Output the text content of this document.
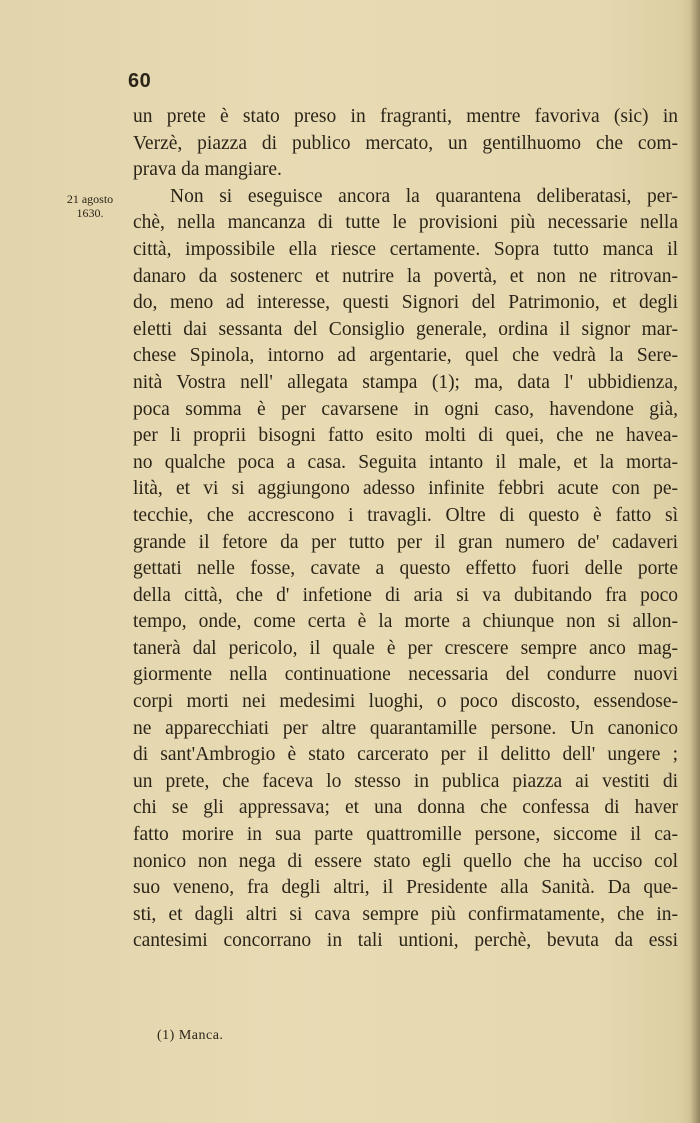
60
21 agosto
1630.
un prete è stato preso in fragranti, mentre favoriva (sic) in
Verzè, piazza di publico mercato, un gentilhuomo che com-
prava da mangiare.
Non si eseguisce ancora la quarantena deliberatasi, per-
chè, nella mancanza di tutte le provisioni più necessarie nella
città, impossibile ella riesce certamente. Sopra tutto manca il
danaro da sostenerc et nutrire la povertà, et non ne ritrovan-
do, meno ad interesse, questi Signori del Patrimonio, et degli
eletti dai sessanta del Consiglio generale, ordina il signor mar-
chese Spinola, intorno ad argentarie, quel che vedrà la Sere-
nità Vostra nell' allegata stampa (1); ma, data l' ubbidienza,
poca somma è per cavarsene in ogni caso, havendone già,
per li proprii bisogni fatto esito molti di quei, che ne havea-
no qualche poca a casa. Seguita intanto il male, et la morta-
lità, et vi si aggiungono adesso infinite febbri acute con pe-
tecchie, che accrescono i travagli. Oltre di questo è fatto sì
grande il fetore da per tutto per il gran numero de' cadaveri
gettati nelle fosse, cavate a questo effetto fuori delle porte
della città, che d' infetione di aria si va dubitando fra poco
tempo, onde, come certa è la morte a chiunque non si allon-
tanerà dal pericolo, il quale è per crescere sempre anco mag-
giormente nella continuatione necessaria del condurre nuovi
corpi morti nei medesimi luoghi, o poco discosto, essendose-
ne apparecchiati per altre quarantamille persone. Un canonico
di sant'Ambrogio è stato carcerato per il delitto dell' ungere ;
un prete, che faceva lo stesso in publica piazza ai vestiti di
chi se gli appressava; et una donna che confessa di haver
fatto morire in sua parte quattromille persone, siccome il ca-
nonico non nega di essere stato egli quello che ha ucciso col
suo veneno, fra degli altri, il Presidente alla Sanità. Da que-
sti, et dagli altri si cava sempre più confirmatamente, che in-
cantesimi concorrano in tali untioni, perchè, bevuta da essi
(1) Manca.
